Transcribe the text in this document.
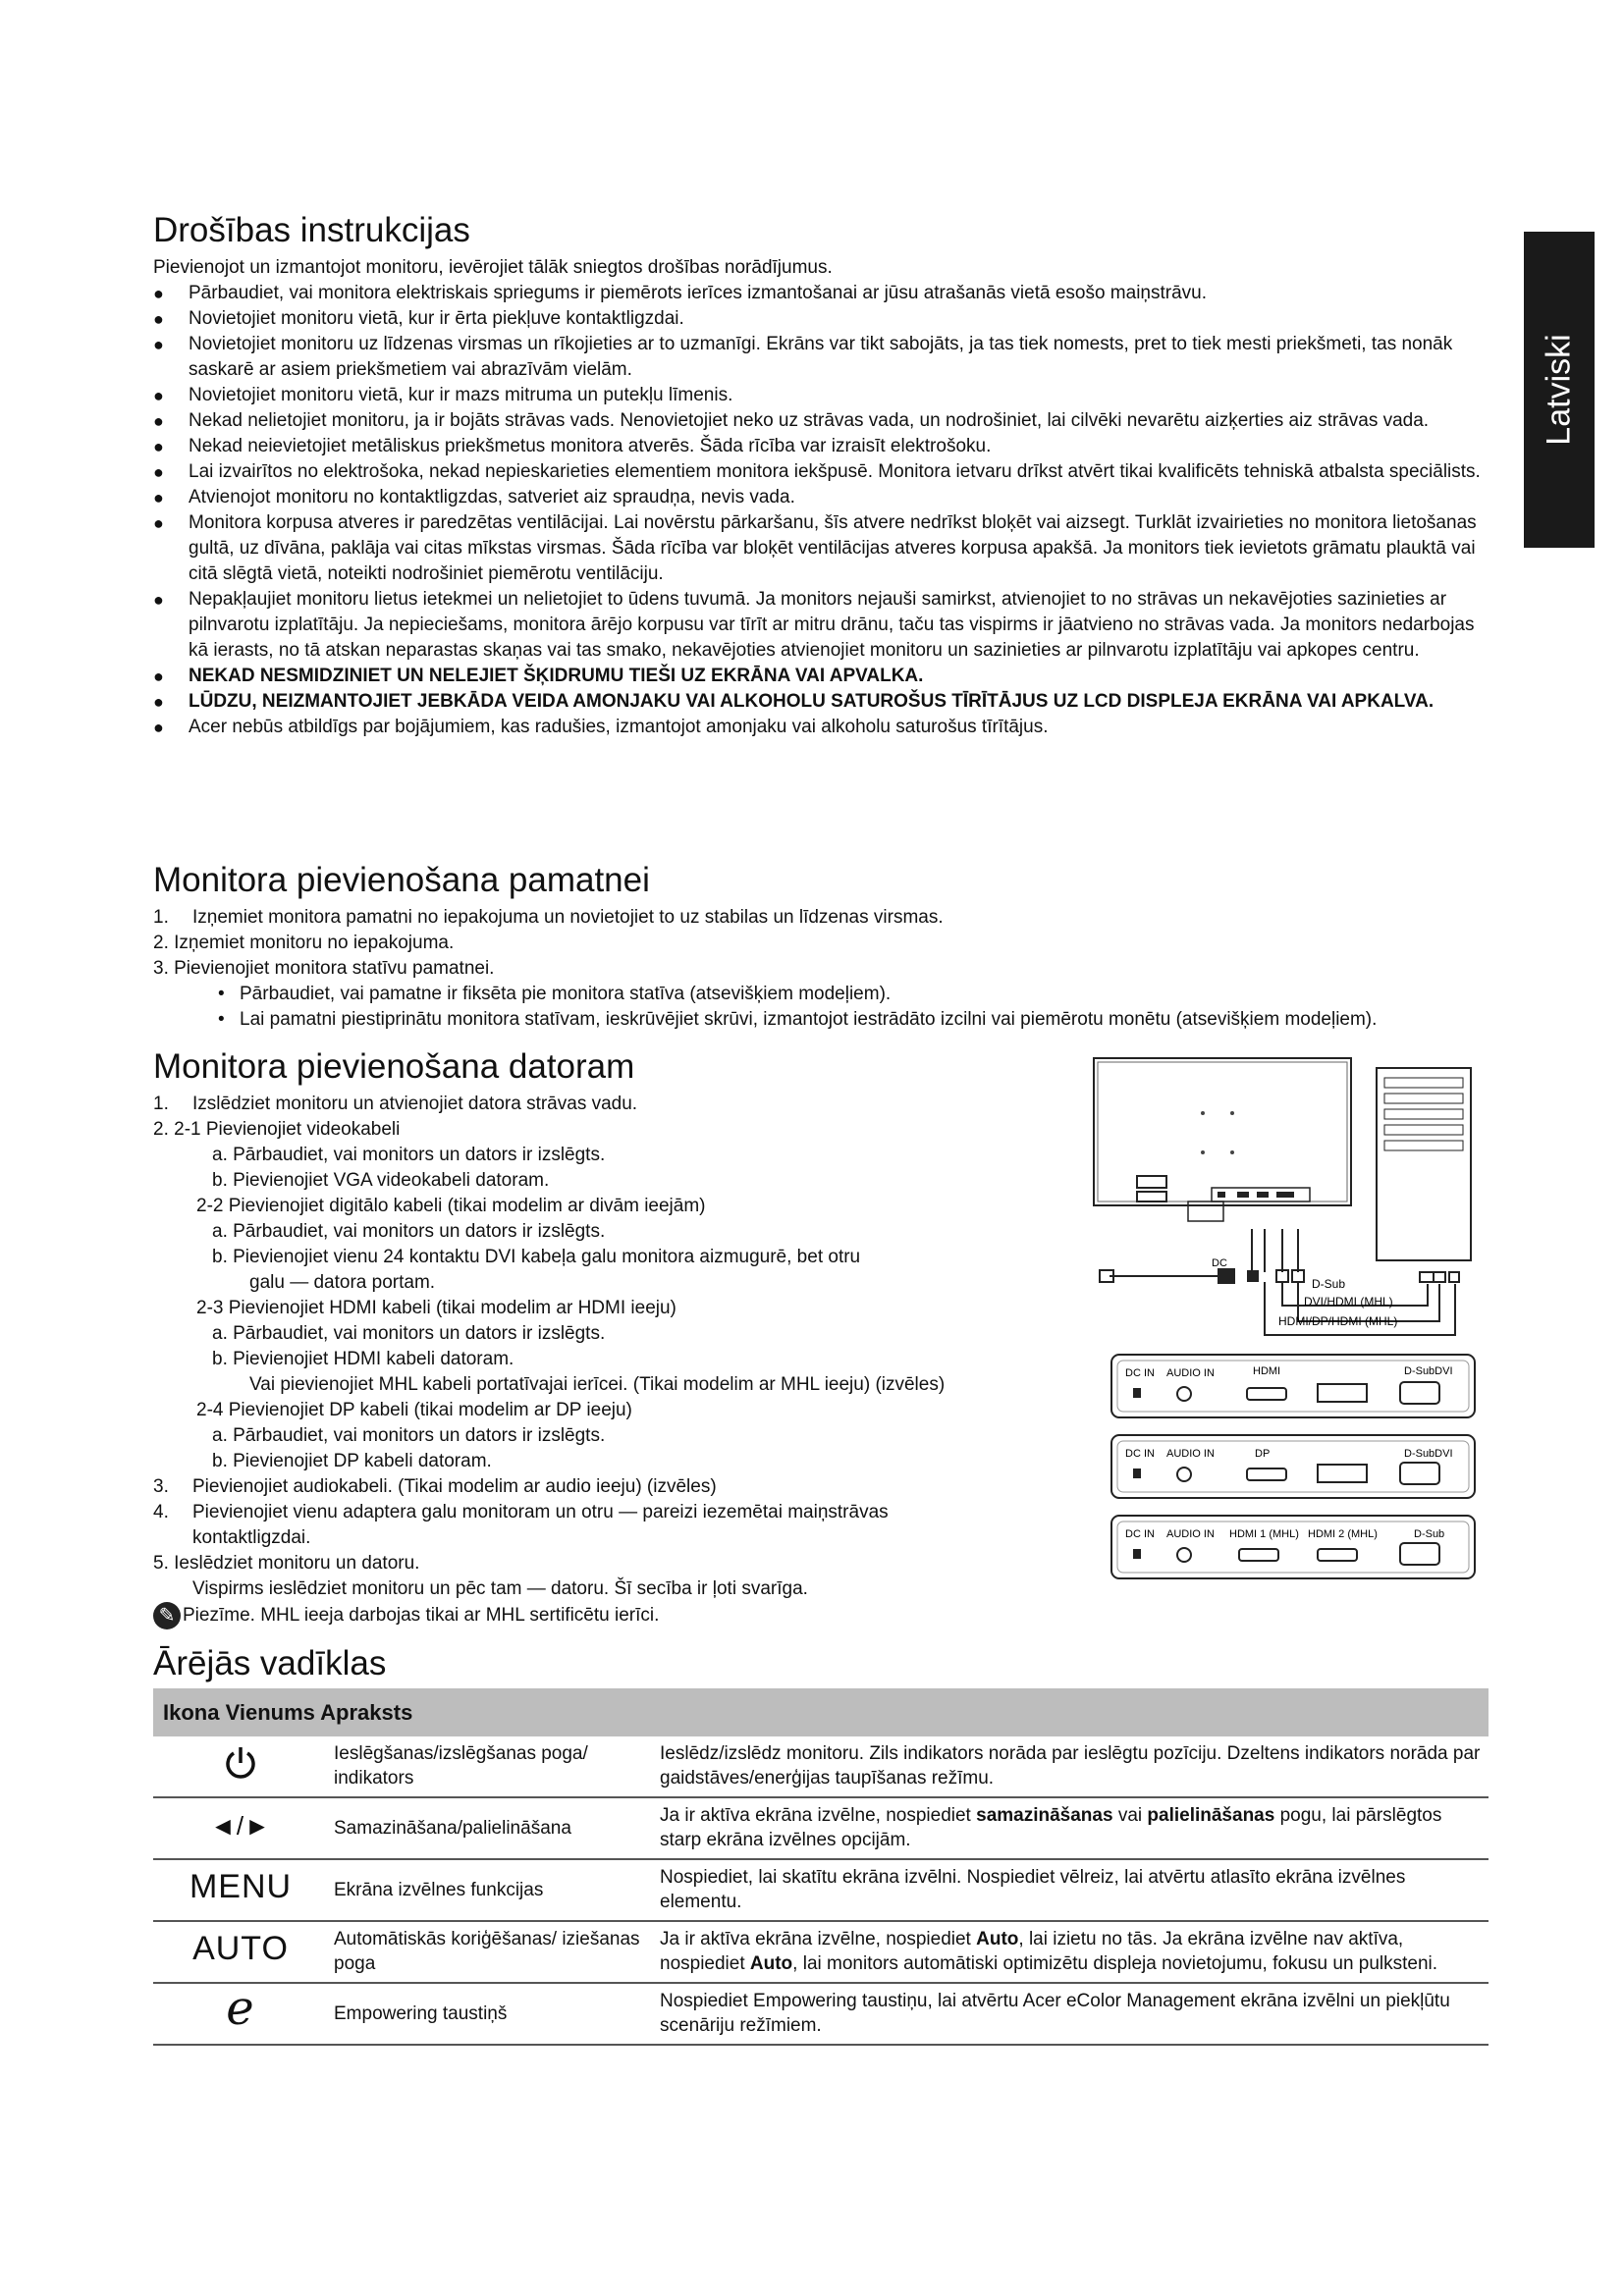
Latviski
Drošības instrukcijas

Pievienojot un izmantojot monitoru, ievērojiet tālāk sniegtos drošības norādījumus.

● Pārbaudiet, vai monitora elektriskais spriegums ir piemērots ierīces izmantošanai ar jūsu atrašanās vietā esošo maiņstrāvu.
● Novietojiet monitoru vietā, kur ir ērta piekļuve kontaktligzdai.
● Novietojiet monitoru uz līdzenas virsmas un rīkojieties ar to uzmanīgi. Ekrāns var tikt sabojāts, ja tas tiek nomests, pret to tiek mesti priekšmeti, tas nonāk saskarē ar asiem priekšmetiem vai abrazīvām vielām.
● Novietojiet monitoru vietā, kur ir mazs mitruma un putekļu līmenis.
● Nekad nelietojiet monitoru, ja ir bojāts strāvas vads. Nenovietojiet neko uz strāvas vada, un nodrošiniet, lai cilvēki nevarētu aizķerties aiz strāvas vada.
● Nekad neievietojiet metāliskus priekšmetus monitora atverēs. Šāda rīcība var izraisīt elektrošoku.
● Lai izvairītos no elektrošoka, nekad nepieskarieties elementiem monitora iekšpusē. Monitora ietvaru drīkst atvērt tikai kvalificēts tehniskā atbalsta speciālists.
● Atvienojot monitoru no kontaktligzdas, satveriet aiz spraudņa, nevis vada.
● Monitora korpusa atveres ir paredzētas ventilācijai. Lai novērstu pārkaršanu, šīs atvere nedrīkst bloķēt vai aizsegt. Turklāt izvairieties no monitora lietošanas gultā, uz dīvāna, paklāja vai citas mīkstas virsmas. Šāda rīcība var bloķēt ventilācijas atveres korpusa apakšā. Ja monitors tiek ievietots grāmatu plauktā vai citā slēgtā vietā, noteikti nodrošiniet piemērotu ventilāciju.
● Nepakļaujiet monitoru lietus ietekmei un nelietojiet to ūdens tuvumā. Ja monitors nejauši samirkst, atvienojiet to no strāvas un nekavējoties sazinieties ar pilnvarotu izplatītāju. Ja nepieciešams, monitora ārējo korpusu var tīrīt ar mitru drānu, taču tas vispirms ir jāatvieno no strāvas vada. Ja monitors nedarbojas kā ierasts, no tā atskan neparastas skaņas vai tas smako, nekavējoties atvienojiet monitoru un sazinieties ar pilnvarotu izplatītāju vai apkopes centru.
● NEKAD NESMIDZINIET UN NELEJIET ŠĶIDRUMU TIEŠI UZ EKRĀNA VAI APVALKA.
● LŪDZU, NEIZMANTOJIET JEBKĀDA VEIDA AMONJAKU VAI ALKOHOLU SATUROŠUS TĪRĪTĀJUS UZ LCD DISPLEJA EKRĀNA VAI APKALVA.
● Acer nebūs atbildīgs par bojājumiem, kas radušies, izmantojot amonjaku vai alkoholu saturošus tīrītājus.
Monitora pievienošana pamatnei
1.	Izņemiet monitora pamatni no iepakojuma un novietojiet to uz stabilas un līdzenas virsmas.
2. Izņemiet monitoru no iepakojuma.
3. Pievienojiet monitora statīvu pamatnei.
• Pārbaudiet, vai pamatne ir fiksēta pie monitora statīva (atsevišķiem modeļiem).
• Lai pamatni piestiprinātu monitora statīvam, ieskrūvējiet skrūvi, izmantojot iestrādāto izcilni vai piemērotu monētu (atsevišķiem modeļiem).
Monitora pievienošana datoram
1.	Izslēdziet monitoru un atvienojiet datora strāvas vadu.
2. 2-1 Pievienojiet videokabeli
a. Pārbaudiet, vai monitors un dators ir izslēgts.
b. Pievienojiet VGA videokabeli datoram.
2-2 Pievienojiet digitālo kabeli (tikai modelim ar divām ieejām)
a. Pārbaudiet, vai monitors un dators ir izslēgts.
b. Pievienojiet vienu 24 kontaktu DVI kabeļa galu monitora aizmugurē, bet otru
galu — datora portam.
2-3 Pievienojiet HDMI kabeli (tikai modelim ar HDMI ieeju)
a. Pārbaudiet, vai monitors un dators ir izslēgts.
b. Pievienojiet HDMI kabeli datoram.
Vai pievienojiet MHL kabeli portatīvajai ierīcei. (Tikai modelim ar MHL ieeju) (izvēles)
2-4 Pievienojiet DP kabeli (tikai modelim ar DP ieeju)
a. Pārbaudiet, vai monitors un dators ir izslēgts.
b. Pievienojiet DP kabeli datoram.
3.	Pievienojiet audiokabeli. (Tikai modelim ar audio ieeju) (izvēles)
4.	Pievienojiet vienu adaptera galu monitoram un otru — pareizi iezemētai maiņstrāvas
kontaktligzdai.
5. Ieslēdziet monitoru un datoru.
Vispirms ieslēdziet monitoru un pēc tam — datoru. Šī secība ir ļoti svarīga.
✎ Piezīme. MHL ieeja darbojas tikai ar MHL sertificētu ierīci.
Ārējās vadīklas
Ikona Vienums Apraksts		
	Ieslēgšanas/izslēgšanas poga/ indikators	Ieslēdz/izslēdz monitoru. Zils indikators norāda par ieslēgtu pozīciju. Dzeltens indikators norāda par gaidstāves/enerģijas taupīšanas režīmu.
◄/►	Samazināšana/palielināšana	Ja ir aktīva ekrāna izvēlne, nospiediet samazināšanas vai palielināšanas pogu, lai pārslēgtos starp ekrāna izvēlnes opcijām.
MENU	Ekrāna izvēlnes funkcijas	Nospiediet, lai skatītu ekrāna izvēlni. Nospiediet vēlreiz, lai atvērtu atlasīto ekrāna izvēlnes elementu.
AUTO	Automātiskās koriģēšanas/ iziešanas poga	Ja ir aktīva ekrāna izvēlne, nospiediet Auto, lai izietu no tās. Ja ekrāna izvēlne nav aktīva, nospiediet Auto, lai monitors automātiski optimizētu displeja novietojumu, fokusu un pulksteni.
e	Empowering taustiņš	Nospiediet Empowering taustiņu, lai atvērtu Acer eColor Management ekrāna izvēlni un piekļūtu scenāriju režīmiem.
DC
D-Sub
DVI/HDMI (MHL)
HDMI/DP/HDMI (MHL)
DC IN AUDIO IN	HDMI	D-SubDVI
DC IN AUDIO IN	DP	D-SubDVI
DC IN AUDIO IN HDMI 1 (MHL) HDMI 2 (MHL)	D-Sub
